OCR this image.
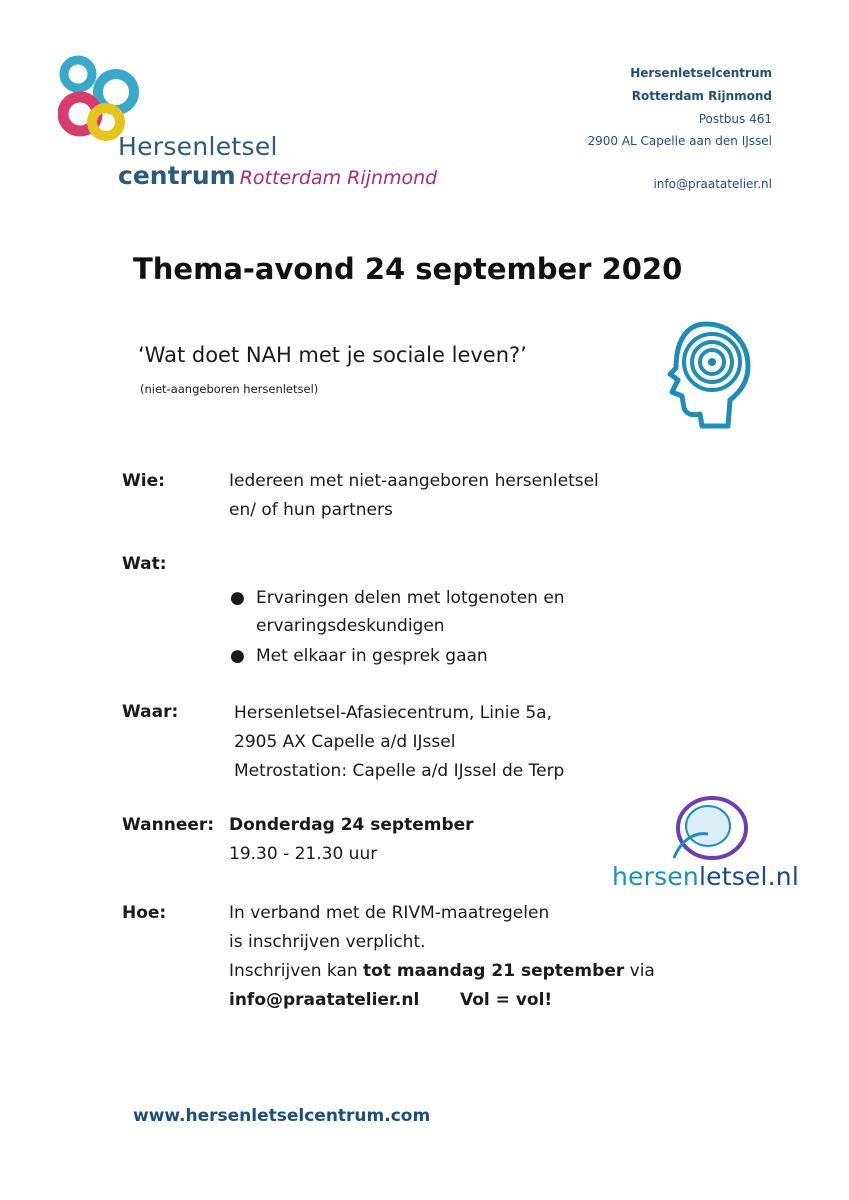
Hersenletsel
centrum Rotterdam Rijnmond
Hersenletselcentrum
Rotterdam Rijnmond
Postbus 461
2900 AL Capelle aan den IJssel
info@praatatelier.nl
Thema-avond 24 september 2020
‘Wat doet NAH met je sociale leven?’
(niet-aangeboren hersenletsel)
Wie:	Iedereen met niet-aangeboren hersenletsel
en/ of hun partners
Wat:
● Ervaringen delen met lotgenoten en
ervaringsdeskundigen
● Met elkaar in gesprek gaan
Waar:	Hersenletsel-Afasiecentrum, Linie 5a,
2905 AX Capelle a/d IJssel
Metrostation: Capelle a/d IJssel de Terp
Wanneer: Donderdag 24 september
19.30 - 21.30 uur
hersenletsel.nl
Hoe:	In verband met de RIVM-maatregelen
is inschrijven verplicht.
Inschrijven kan tot maandag 21 september via
info@praatatelier.nl Vol = vol!
www.hersenletselcentrum.com
